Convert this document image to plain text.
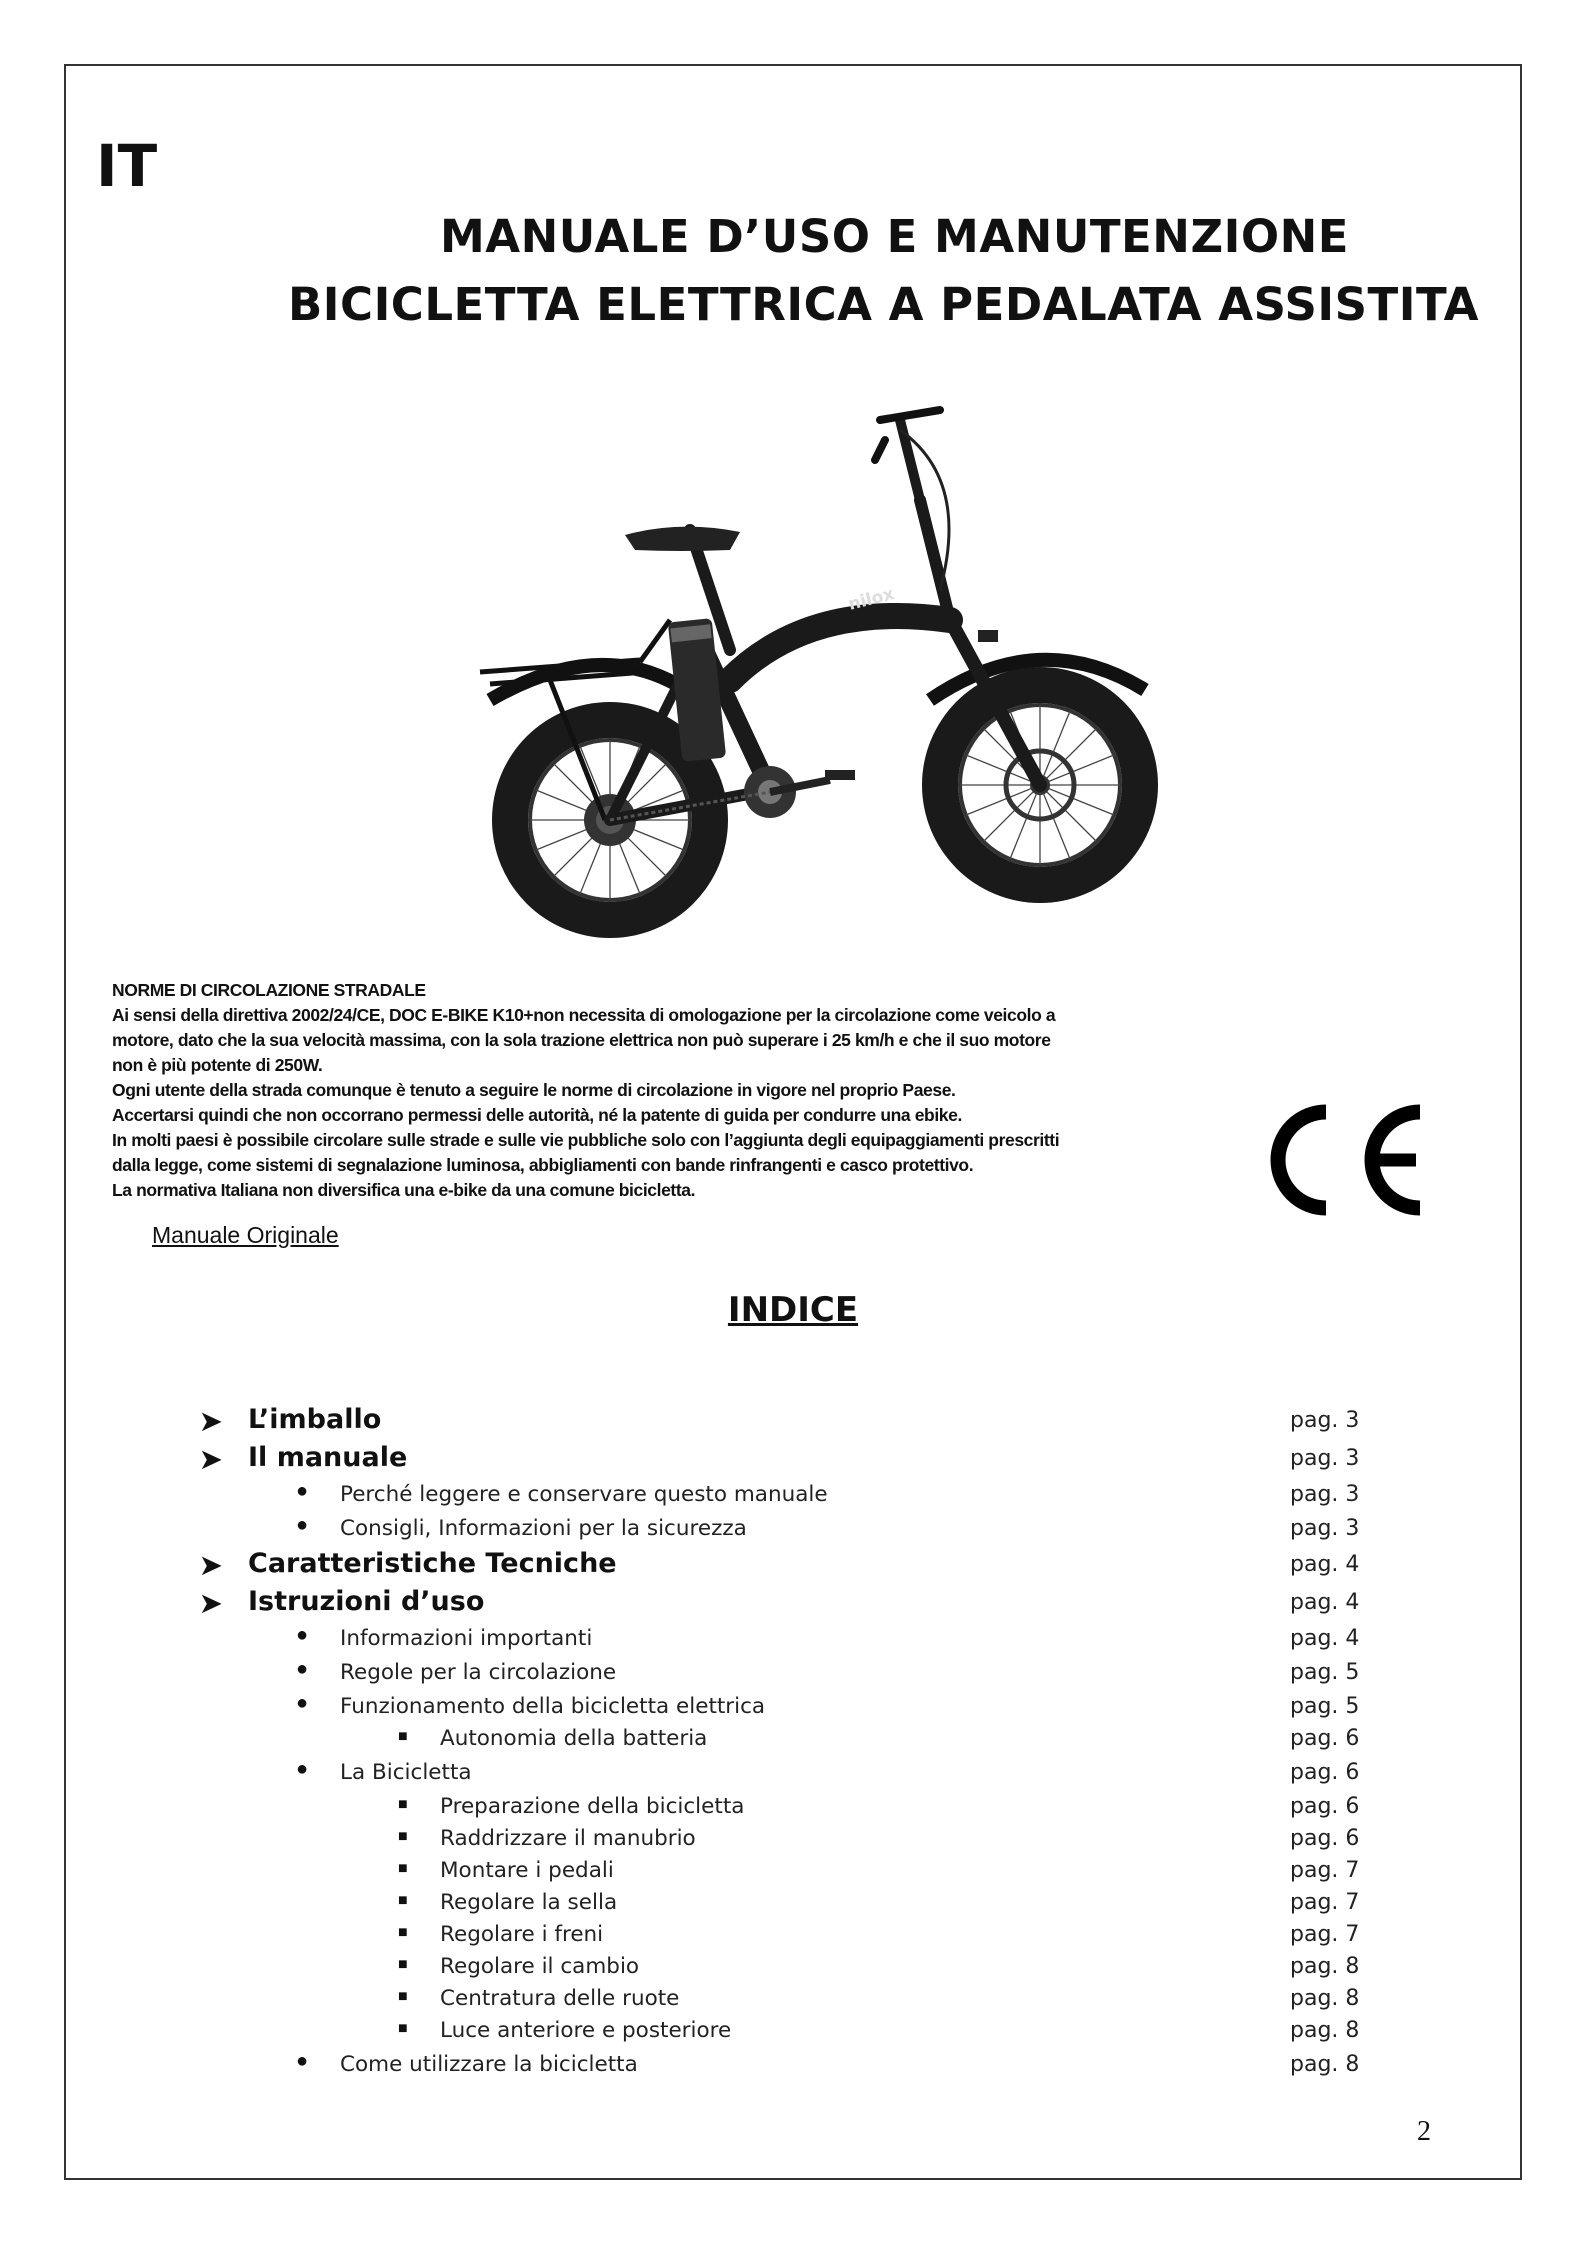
IT
MANUALE D’USO E MANUTENZIONE
BICICLETTA ELETTRICA A PEDALATA ASSISTITA
nilox

NORME DI CIRCOLAZIONE STRADALE

Ai sensi della direttiva 2002/24/CE, DOC E-BIKE K10+non necessita di omologazione per la circolazione come veicolo a

motore, dato che la sua velocità massima, con la sola trazione elettrica non può superare i 25 km/h e che il suo motore

non è più potente di 250W.

Ogni utente della strada comunque è tenuto a seguire le norme di circolazione in vigore nel proprio Paese.

Accertarsi quindi che non occorrano permessi delle autorità, né la patente di guida per condurre una ebike.

In molti paesi è possibile circolare sulle strade e sulle vie pubbliche solo con l’aggiunta degli equipaggiamenti prescritti

dalla legge, come sistemi di segnalazione luminosa, abbigliamenti con bande rinfrangenti e casco protettivo.

La normativa Italiana non diversifica una e-bike da una comune bicicletta.

Manuale Originale
INDICE
➤ L’imballo	pag. 3
➤ Il manuale	pag. 3
● Perché leggere e conservare questo manuale	pag. 3
● Consigli, Informazioni per la sicurezza	pag. 3
➤ Caratteristiche Tecniche	pag. 4
➤ Istruzioni d’uso	pag. 4
● Informazioni importanti	pag. 4
● Regole per la circolazione	pag. 5
● Funzionamento della bicicletta elettrica	pag. 5
■ Autonomia della batteria	pag. 6
● La Bicicletta	pag. 6
■ Preparazione della bicicletta	pag. 6
■ Raddrizzare il manubrio	pag. 6
■ Montare i pedali	pag. 7
■ Regolare la sella	pag. 7
■ Regolare i freni	pag. 7
■ Regolare il cambio	pag. 8
■ Centratura delle ruote	pag. 8
■ Luce anteriore e posteriore	pag. 8
● Come utilizzare la bicicletta	pag. 8
2
